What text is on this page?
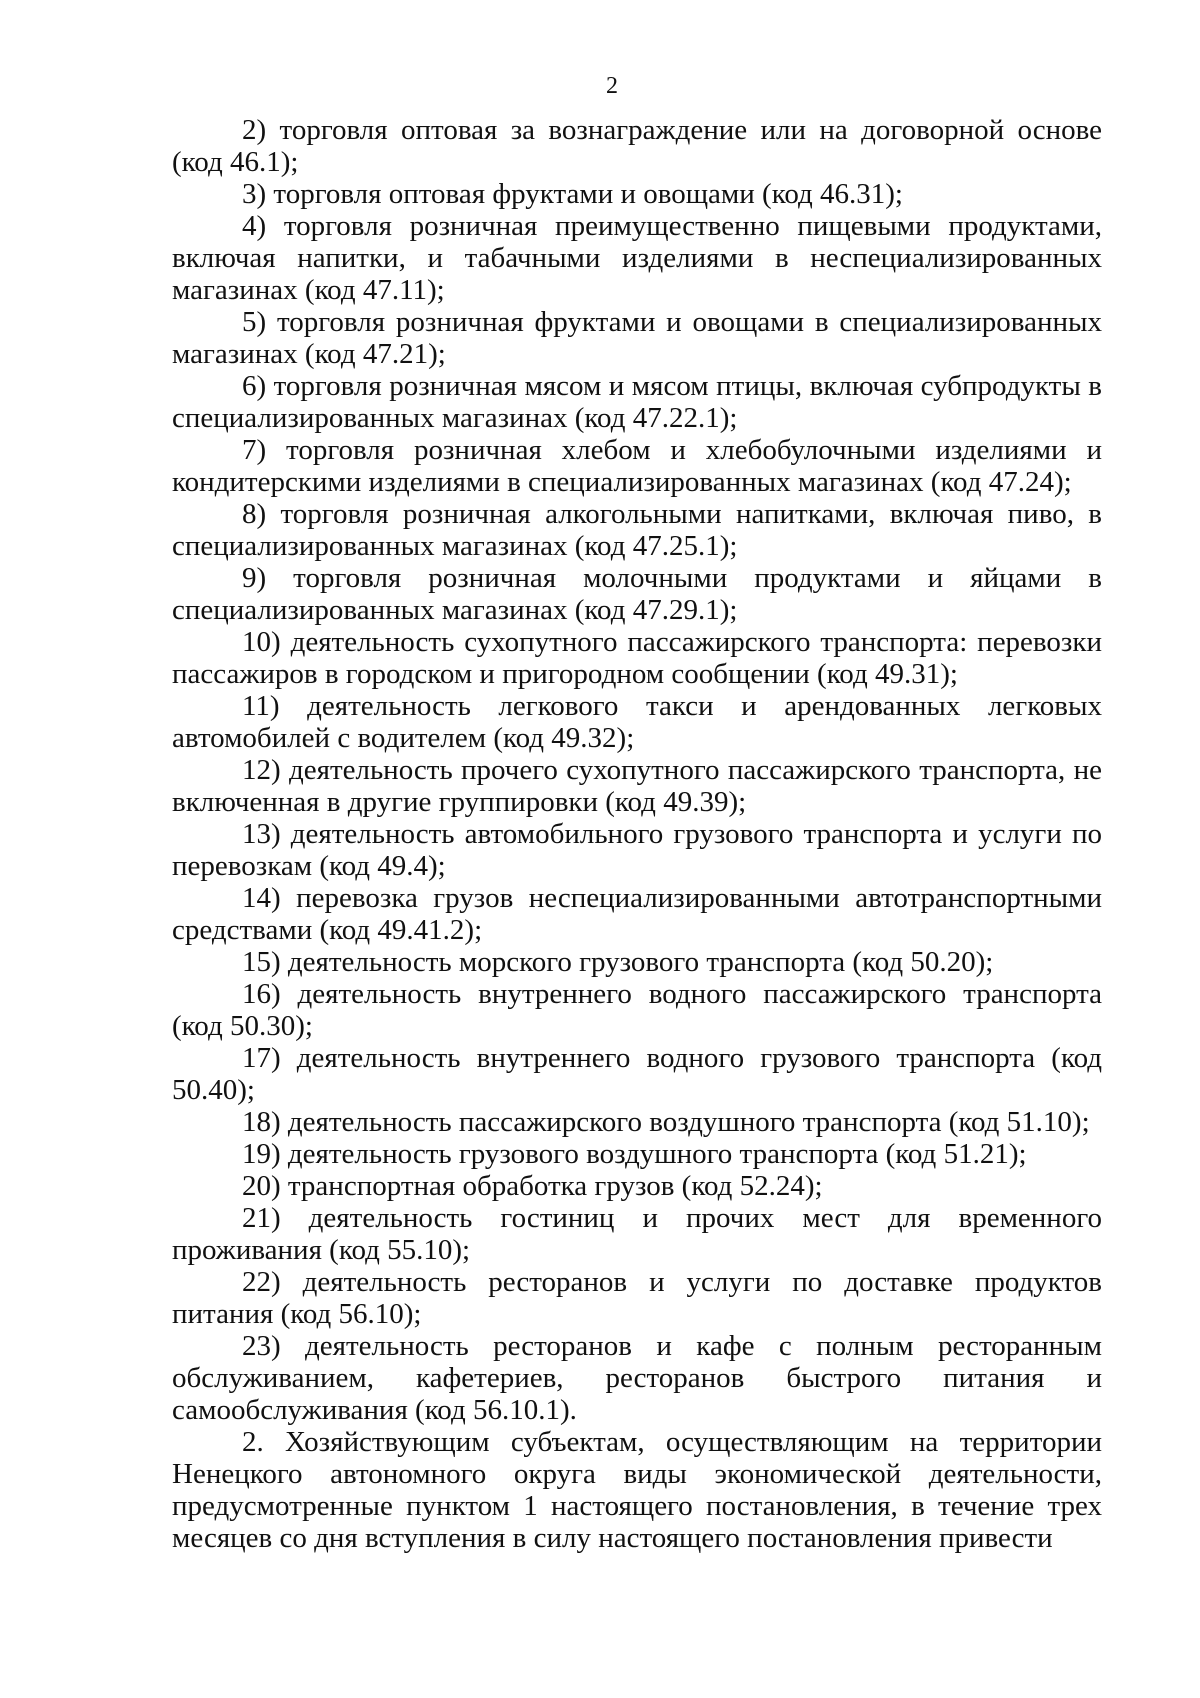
2

2) торговля оптовая за вознаграждение или на договорной основе (код 46.1);

3) торговля оптовая фруктами и овощами (код 46.31);

4) торговля розничная преимущественно пищевыми продуктами, включая напитки, и табачными изделиями в неспециализированных магазинах (код 47.11);

5) торговля розничная фруктами и овощами в специализированных магазинах (код 47.21);

6) торговля розничная мясом и мясом птицы, включая субпродукты в специализированных магазинах (код 47.22.1);

7) торговля розничная хлебом и хлебобулочными изделиями и кондитерскими изделиями в специализированных магазинах (код 47.24);

8) торговля розничная алкогольными напитками, включая пиво, в специализированных магазинах (код 47.25.1);

9) торговля розничная молочными продуктами и яйцами в специализированных магазинах (код 47.29.1);

10) деятельность сухопутного пассажирского транспорта: перевозки пассажиров в городском и пригородном сообщении (код 49.31);

11) деятельность легкового такси и арендованных легковых автомобилей с водителем (код 49.32);

12) деятельность прочего сухопутного пассажирского транспорта, не включенная в другие группировки (код 49.39);

13) деятельность автомобильного грузового транспорта и услуги по перевозкам (код 49.4);

14) перевозка грузов неспециализированными автотранспортными средствами (код 49.41.2);

15) деятельность морского грузового транспорта (код 50.20);

16) деятельность внутреннего водного пассажирского транспорта (код 50.30);

17) деятельность внутреннего водного грузового транспорта (код 50.40);

18) деятельность пассажирского воздушного транспорта (код 51.10);

19) деятельность грузового воздушного транспорта (код 51.21);

20) транспортная обработка грузов (код 52.24);

21) деятельность гостиниц и прочих мест для временного проживания (код 55.10);

22) деятельность ресторанов и услуги по доставке продуктов питания (код 56.10);

23) деятельность ресторанов и кафе с полным ресторанным обслуживанием, кафетериев, ресторанов быстрого питания и самообслуживания (код 56.10.1).

2. Хозяйствующим субъектам, осуществляющим на территории Ненецкого автономного округа виды экономической деятельности, предусмотренные пунктом 1 настоящего постановления, в течение трех месяцев со дня вступления в силу настоящего постановления привести
